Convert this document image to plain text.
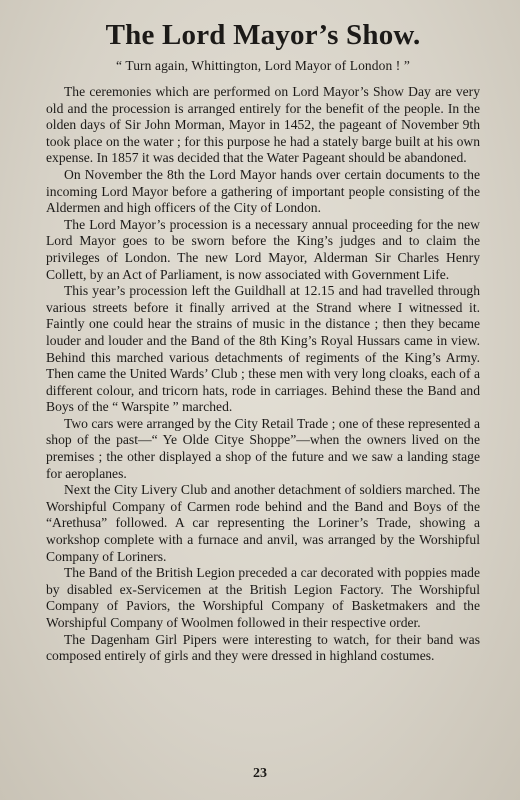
The Lord Mayor’s Show.
“ Turn again, Whittington, Lord Mayor of London ! ”

The ceremonies which are performed on Lord Mayor’s Show Day are very old and the procession is arranged entirely for the benefit of the people. In the olden days of Sir John Morman, Mayor in 1452, the pageant of November 9th took place on the water ; for this purpose he had a stately barge built at his own expense. In 1857 it was decided that the Water Pageant should be abandoned.

On November the 8th the Lord Mayor hands over certain documents to the incoming Lord Mayor before a gathering of important people consisting of the Aldermen and high officers of the City of London.

The Lord Mayor’s procession is a necessary annual proceeding for the new Lord Mayor goes to be sworn before the King’s judges and to claim the privileges of London. The new Lord Mayor, Alderman Sir Charles Henry Collett, by an Act of Parliament, is now associated with Government Life.

This year’s procession left the Guildhall at 12.15 and had travelled through various streets before it finally arrived at the Strand where I witnessed it. Faintly one could hear the strains of music in the distance ; then they became louder and louder and the Band of the 8th King’s Royal Hussars came in view. Behind this marched various detachments of regiments of the King’s Army. Then came the United Wards’ Club ; these men with very long cloaks, each of a different colour, and tricorn hats, rode in carriages. Behind these the Band and Boys of the “ Warspite ” marched.

Two cars were arranged by the City Retail Trade ; one of these represented a shop of the past—“ Ye Olde Citye Shoppe”—when the owners lived on the premises ; the other displayed a shop of the future and we saw a landing stage for aeroplanes.

Next the City Livery Club and another detachment of soldiers marched. The Worshipful Company of Carmen rode behind and the Band and Boys of the “Arethusa” followed. A car representing the Loriner’s Trade, showing a workshop complete with a furnace and anvil, was arranged by the Worshipful Company of Loriners.

The Band of the British Legion preceded a car decorated with poppies made by disabled ex-Servicemen at the British Legion Factory. The Worshipful Company of Paviors, the Worshipful Company of Basketmakers and the Worshipful Company of Woolmen followed in their respective order.

The Dagenham Girl Pipers were interesting to watch, for their band was composed entirely of girls and they were dressed in highland costumes.

23
